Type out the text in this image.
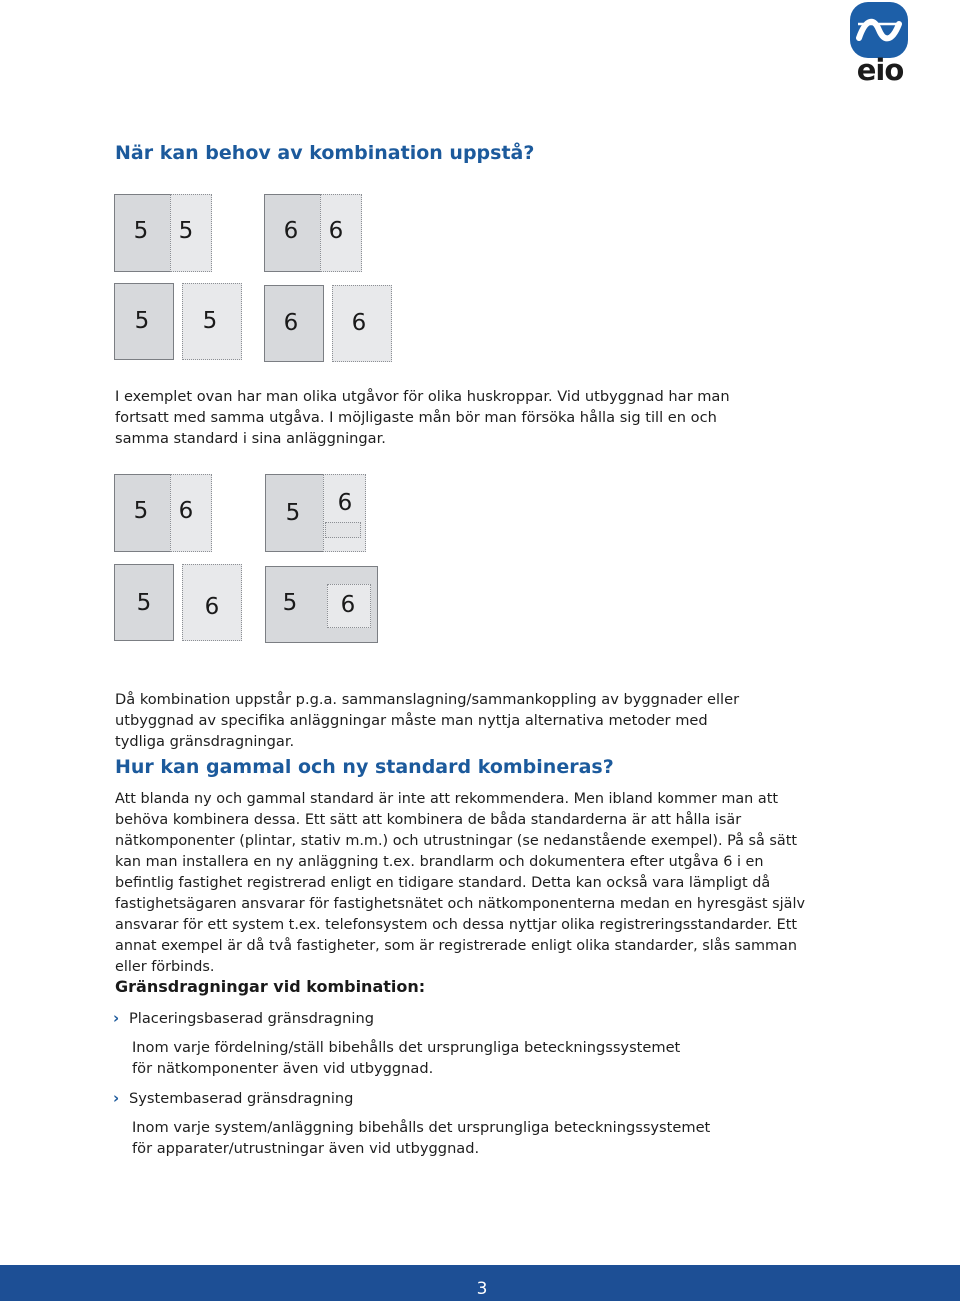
eio
När kan behov av kombination uppstå?
5	5	6	6
5	5	6	6

I exemplet ovan har man olika utgåvor för olika huskroppar. Vid utbyggnad har man fortsatt med samma utgåva. I möjligaste mån bör man försöka hålla sig till en och samma standard i sina anläggningar.

5	6	5	6
5	6	5	6

Då kombination uppstår p.g.a. sammanslagning/sammankoppling av byggnader eller utbyggnad av specifika anläggningar måste man nyttja alternativa metoder med tydliga gränsdragningar.

Hur kan gammal och ny standard kombineras?

Att blanda ny och gammal standard är inte att rekommendera. Men ibland kommer man att behöva kombinera dessa. Ett sätt att kombinera de båda standarderna är att hålla isär nätkomponenter (plintar, stativ m.m.) och utrustningar (se nedanstående exempel). På så sätt kan man installera en ny anläggning t.ex. brandlarm och dokumentera efter utgåva 6 i en befintlig fastighet registrerad enligt en tidigare standard. Detta kan också vara lämpligt då fastighetsägaren ansvarar för fastighetsnätet och nätkomponenterna medan en hyresgäst själv ansvarar för ett system t.ex. telefonsystem och dessa nyttjar olika registreringsstandarder. Ett annat exempel är då två fastigheter, som är registrerade enligt olika standarder, slås samman eller förbinds.

Gränsdragningar vid kombination:
› Placeringsbaserad gränsdragning

Inom varje fördelning/ställ bibehålls det ursprungliga beteckningssystemet
för nätkomponenter även vid utbyggnad.

› Systembaserad gränsdragning

Inom varje system/anläggning bibehålls det ursprungliga beteckningssystemet
för apparater/utrustningar även vid utbyggnad.

3
